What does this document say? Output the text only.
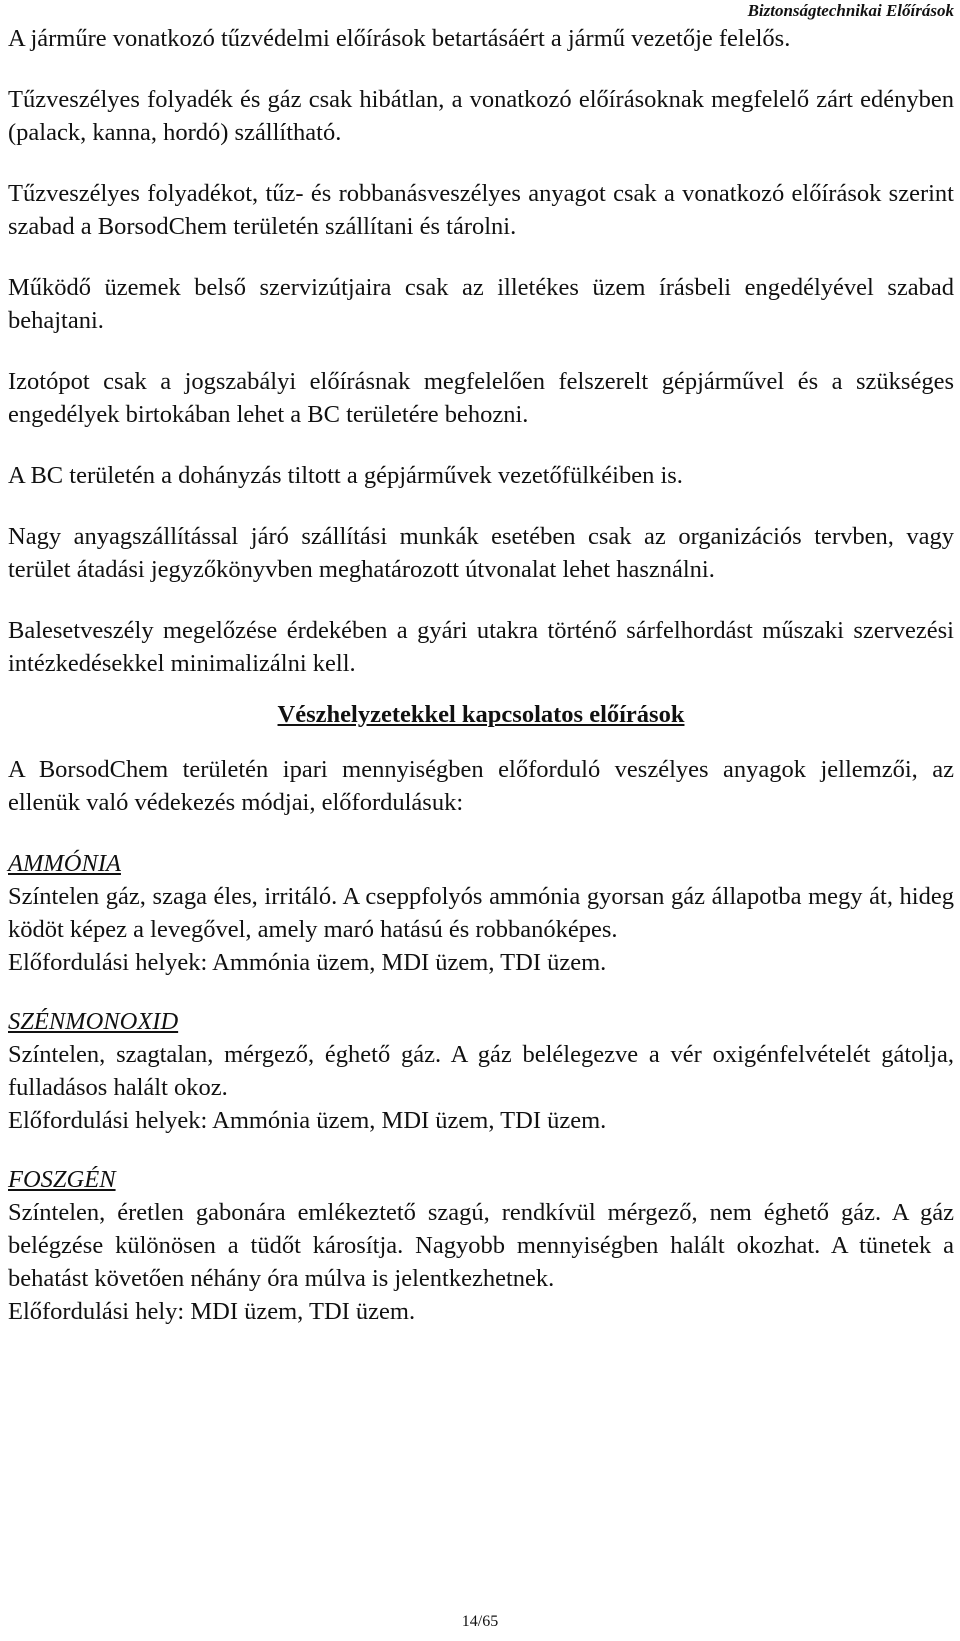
Biztonságtechnikai Előírások

A járműre vonatkozó tűzvédelmi előírások betartásáért a jármű vezetője felelős.

Tűzveszélyes folyadék és gáz csak hibátlan, a vonatkozó előírásoknak megfelelő zárt edényben (palack, kanna, hordó) szállítható.

Tűzveszélyes folyadékot, tűz- és robbanásveszélyes anyagot csak a vonatkozó előírások szerint szabad a BorsodChem területén szállítani és tárolni.

Működő üzemek belső szervizútjaira csak az illetékes üzem írásbeli engedélyével szabad behajtani.

Izotópot csak a jogszabályi előírásnak megfelelően felszerelt gépjárművel és a szükséges engedélyek birtokában lehet a BC területére behozni.

A BC területén a dohányzás tiltott a gépjárművek vezetőfülkéiben is.

Nagy anyagszállítással járó szállítási munkák esetében csak az organizációs tervben, vagy terület átadási jegyzőkönyvben meghatározott útvonalat lehet használni.

Balesetveszély megelőzése érdekében a gyári utakra történő sárfelhordást műszaki szervezési intézkedésekkel minimalizálni kell.

Vészhelyzetekkel kapcsolatos előírások

A BorsodChem területén ipari mennyiségben előforduló veszélyes anyagok jellemzői, az ellenük való védekezés módjai, előfordulásuk:

AMMÓNIA

Színtelen gáz, szaga éles, irritáló. A cseppfolyós ammónia gyorsan gáz állapotba megy át, hideg ködöt képez a levegővel, amely maró hatású és robbanóképes.

Előfordulási helyek: Ammónia üzem, MDI üzem, TDI üzem.

SZÉNMONOXID

Színtelen, szagtalan, mérgező, éghető gáz. A gáz belélegezve a vér oxigénfelvételét gátolja, fulladásos halált okoz.

Előfordulási helyek: Ammónia üzem, MDI üzem, TDI üzem.

FOSZGÉN

Színtelen, éretlen gabonára emlékeztető szagú, rendkívül mérgező, nem éghető gáz. A gáz belégzése különösen a tüdőt károsítja. Nagyobb mennyiségben halált okozhat. A tünetek a behatást követően néhány óra múlva is jelentkezhetnek.

Előfordulási hely: MDI üzem, TDI üzem.

14/65
